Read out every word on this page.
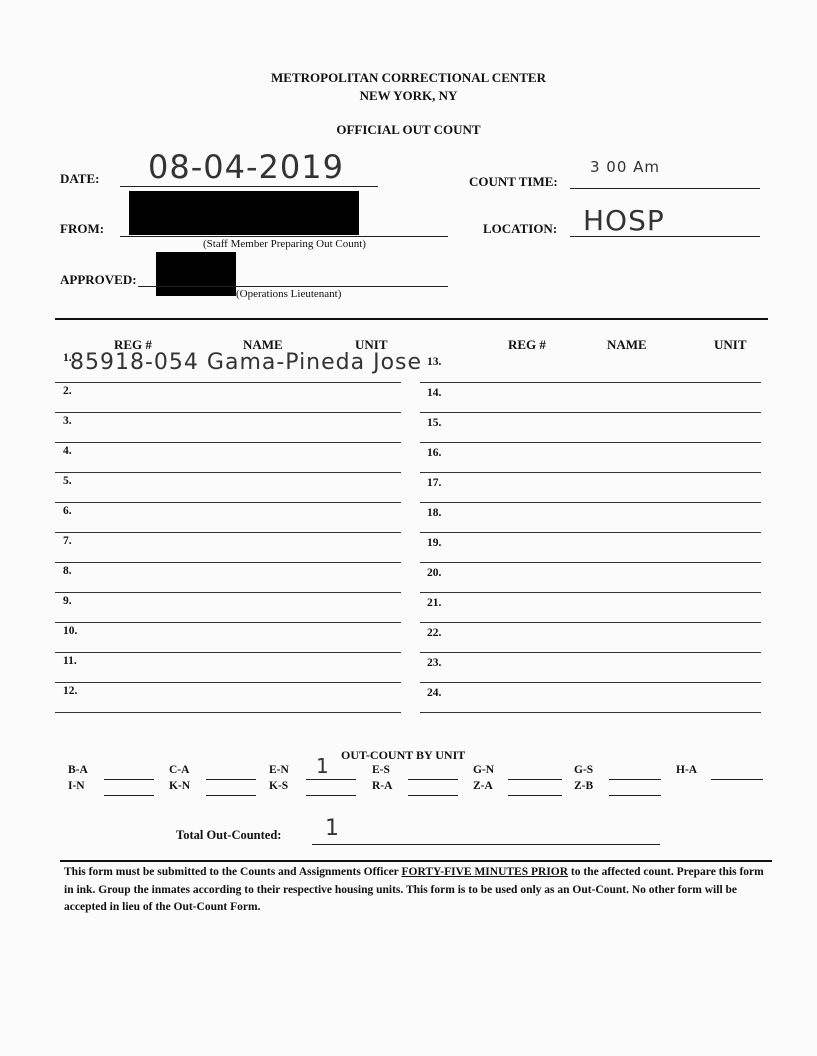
METROPOLITAN CORRECTIONAL CENTER
NEW YORK, NY
OFFICIAL OUT COUNT
DATE: 08-04-2019	COUNT TIME:
3 00 Am
FROM:
(Staff Member Preparing Out Count)
LOCATION: HOSP
APPROVED:
(Operations Lieutenant)
REG #	NAME	UNIT	REG #	NAME	UNIT
1.
85918-054 Gama-Pineda Jose
2.
3.
4.
5.
6.
7.
8.
9.
10.
11.
12.
13.
14.
15.
16.
17.
18.
19.
20.
21.
22.
23.
24.
OUT-COUNT BY UNIT
B-A	C-A	E-N 1	E-S	G-N	G-S	H-A
I-N	K-N	K-S	R-A	Z-A	Z-B
Total Out-Counted: 1
This form must be submitted to the Counts and Assignments Officer FORTY-FIVE MINUTES PRIOR to the affected count. Prepare this form in ink. Group the inmates according to their respective housing units. This form is to be used only as an Out-Count. No other form will be accepted in lieu of the Out-Count Form.
